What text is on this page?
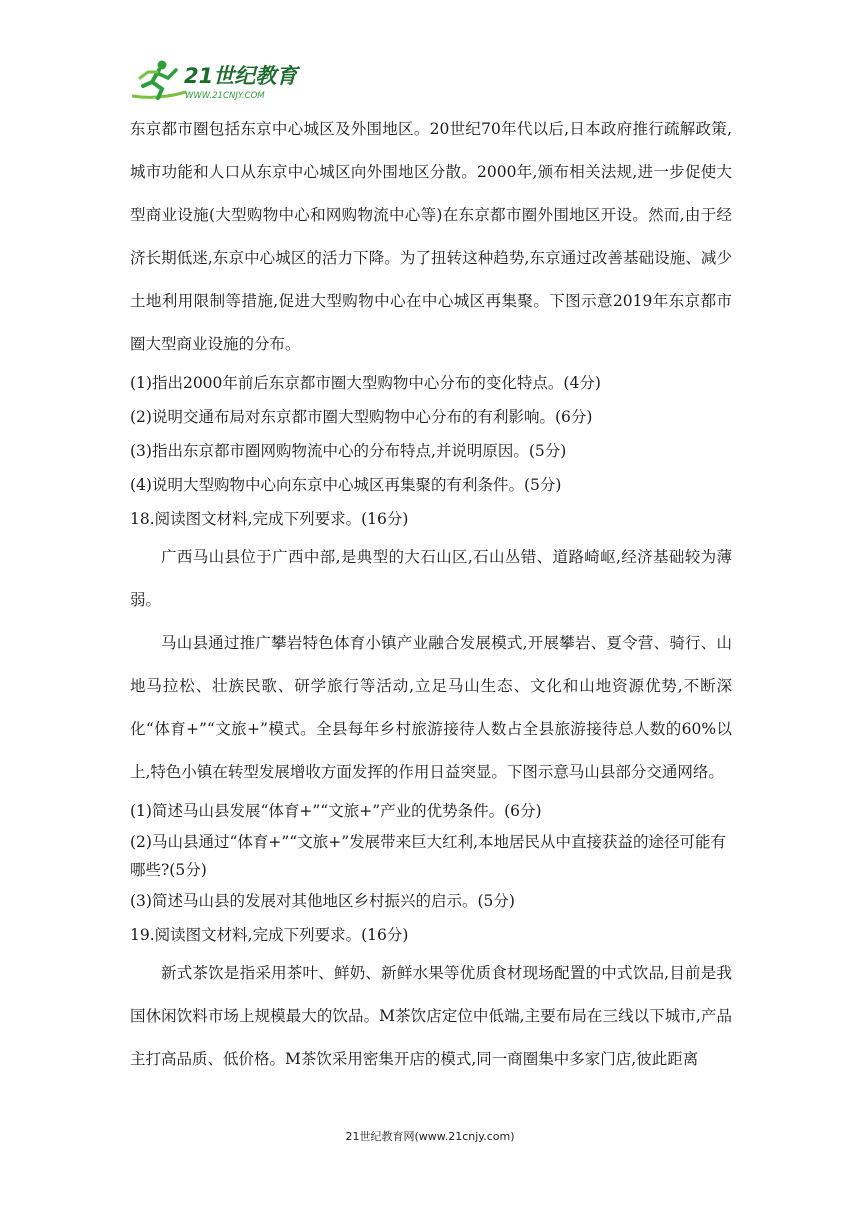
21世纪教育
WWW.21CNJY.COM

东京都市圈包括东京中心城区及外围地区。20世纪70年代以后,日本政府推行疏解政策,城市功能和人口从东京中心城区向外围地区分散。2000年,颁布相关法规,进一步促使大型商业设施(大型购物中心和网购物流中心等)在东京都市圈外围地区开设。然而,由于经济长期低迷,东京中心城区的活力下降。为了扭转这种趋势,东京通过改善基础设施、减少土地利用限制等措施,促进大型购物中心在中心城区再集聚。下图示意2019年东京都市圈大型商业设施的分布。

(1)指出2000年前后东京都市圈大型购物中心分布的变化特点。(4分)

(2)说明交通布局对东京都市圈大型购物中心分布的有利影响。(6分)

(3)指出东京都市圈网购物流中心的分布特点,并说明原因。(5分)

(4)说明大型购物中心向东京中心城区再集聚的有利条件。(5分)

18.阅读图文材料,完成下列要求。(16分)

广西马山县位于广西中部,是典型的大石山区,石山丛错、道路崎岖,经济基础较为薄弱。

马山县通过推广攀岩特色体育小镇产业融合发展模式,开展攀岩、夏令营、骑行、山地马拉松、壮族民歌、研学旅行等活动,立足马山生态、文化和山地资源优势,不断深化“体育+”“文旅+”模式。全县每年乡村旅游接待人数占全县旅游接待总人数的60%以上,特色小镇在转型发展增收方面发挥的作用日益突显。下图示意马山县部分交通网络。

(1)简述马山县发展“体育+”“文旅+”产业的优势条件。(6分)

(2)马山县通过“体育+”“文旅+”发展带来巨大红利,本地居民从中直接获益的途径可能有哪些?(5分)

(3)简述马山县的发展对其他地区乡村振兴的启示。(5分)

19.阅读图文材料,完成下列要求。(16分)

新式茶饮是指采用茶叶、鲜奶、新鲜水果等优质食材现场配置的中式饮品,目前是我国休闲饮料市场上规模最大的饮品。M茶饮店定位中低端,主要布局在三线以下城市,产品主打高品质、低价格。M茶饮采用密集开店的模式,同一商圈集中多家门店,彼此距离

21世纪教育网(www.21cnjy.com)
